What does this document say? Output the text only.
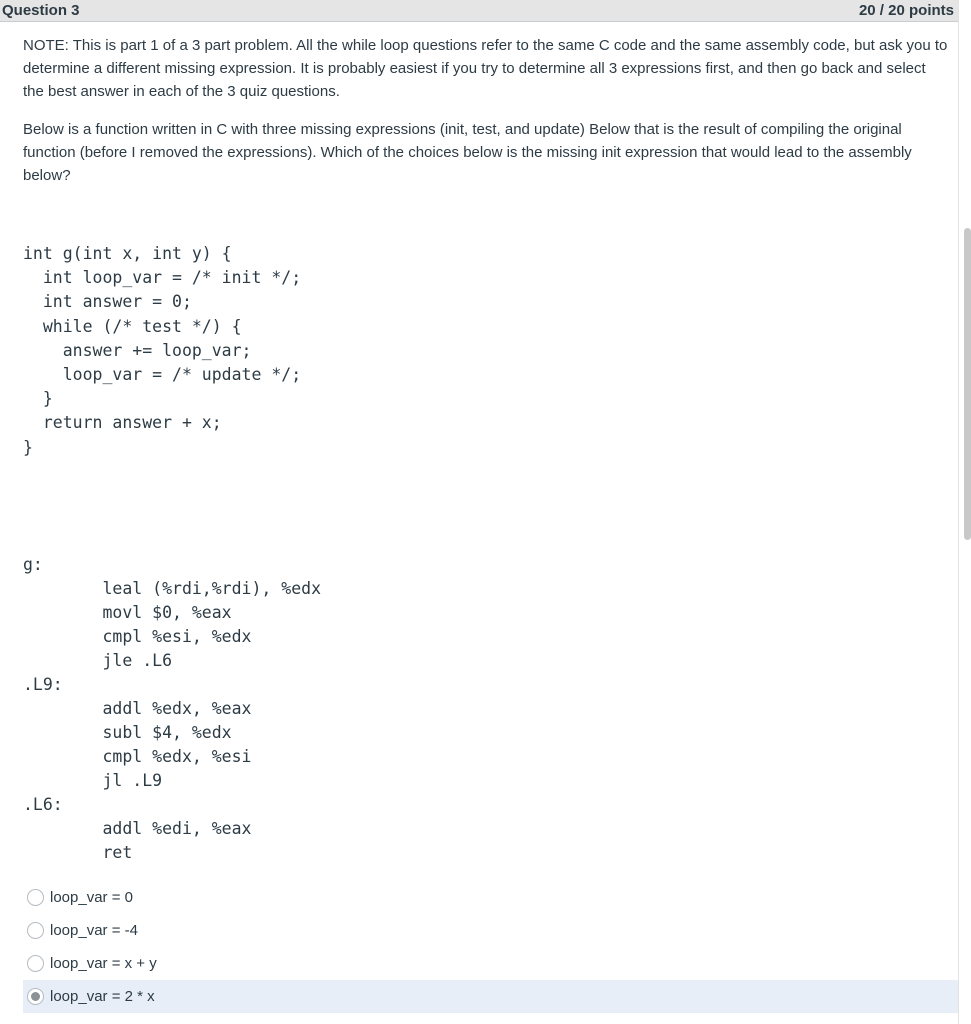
Question 3	20 / 20 points

NOTE: This is part 1 of a 3 part problem. All the while loop questions refer to the same C code and the same assembly code, but ask you to determine a different missing expression. It is probably easiest if you try to determine all 3 expressions first, and then go back and select the best answer in each of the 3 quiz questions.

Below is a function written in C with three missing expressions (init, test, and update) Below that is the result of compiling the original function (before I removed the expressions). Which of the choices below is the missing init expression that would lead to the assembly below?

int g(int x, int y) {
int loop_var = /* init */;
int answer = 0;
while (/* test */) {
answer += loop_var;
loop_var = /* update */;
}
return answer + x;
}
g:
leal (%rdi,%rdi), %edx
movl $0, %eax
cmpl %esi, %edx
jle .L6
.L9:
addl %edx, %eax
subl $4, %edx
cmpl %edx, %esi
jl .L9
.L6:
addl %edi, %eax
ret
loop_var = 0
loop_var = -4
loop_var = x + y
loop_var = 2 * x
